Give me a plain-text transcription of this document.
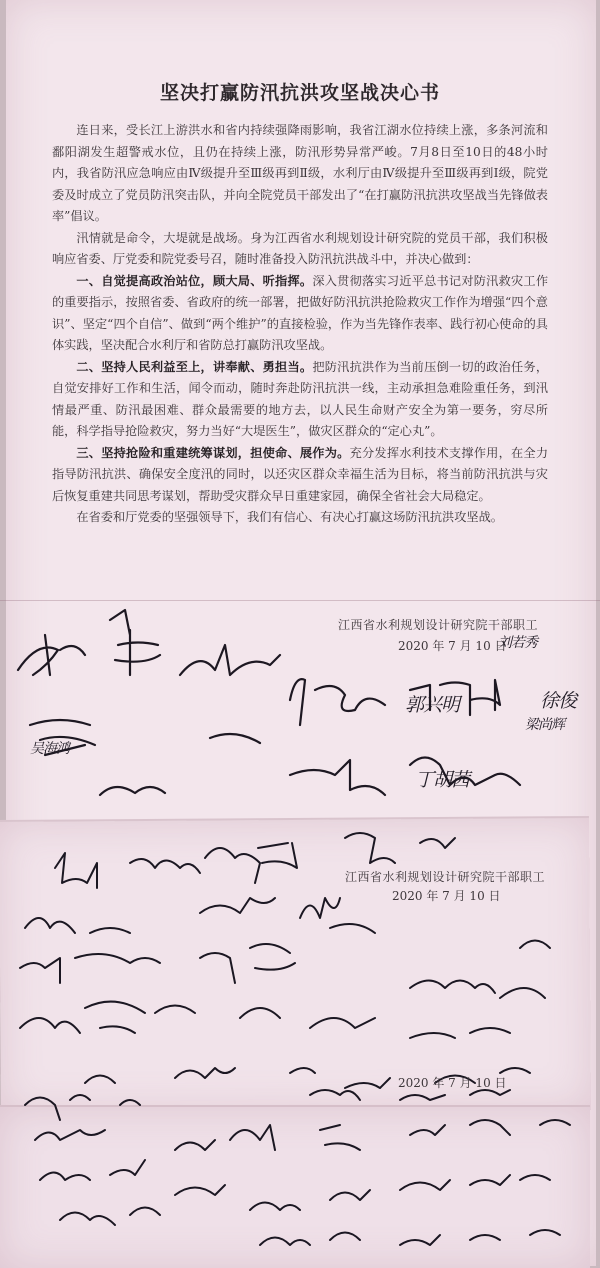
坚决打赢防汛抗洪攻坚战决心书

连日来，受长江上游洪水和省内持续强降雨影响，我省江湖水位持续上涨，多条河流和鄱阳湖发生超警戒水位，且仍在持续上涨，防汛形势异常严峻。7月8日至10日的48小时内，我省防汛应急响应由Ⅳ级提升至Ⅲ级再到Ⅱ级，水利厅由Ⅳ级提升至Ⅲ级再到Ⅰ级，院党委及时成立了党员防汛突击队，并向全院党员干部发出了“在打赢防汛抗洪攻坚战当先锋做表率”倡议。

汛情就是命令，大堤就是战场。身为江西省水利规划设计研究院的党员干部，我们积极响应省委、厅党委和院党委号召，随时准备投入防汛抗洪战斗中，并决心做到：

一、自觉提高政治站位，顾大局、听指挥。深入贯彻落实习近平总书记对防汛救灾工作的重要指示，按照省委、省政府的统一部署，把做好防汛抗洪抢险救灾工作作为增强“四个意识”、坚定“四个自信”、做到“两个维护”的直接检验，作为当先锋作表率、践行初心使命的具体实践，坚决配合水利厅和省防总打赢防汛攻坚战。

二、坚持人民利益至上，讲奉献、勇担当。把防汛抗洪作为当前压倒一切的政治任务，自觉安排好工作和生活，闻令而动，随时奔赴防汛抗洪一线，主动承担急难险重任务，到汛情最严重、防汛最困难、群众最需要的地方去，以人民生命财产安全为第一要务，穷尽所能，科学指导抢险救灾，努力当好“大堤医生”，做灾区群众的“定心丸”。

三、坚持抢险和重建统筹谋划，担使命、展作为。充分发挥水利技术支撑作用，在全力指导防汛抗洪、确保安全度汛的同时，以还灾区群众幸福生活为目标，将当前防汛抗洪与灾后恢复重建共同思考谋划，帮助受灾群众早日重建家园，确保全省社会大局稳定。

在省委和厅党委的坚强领导下，我们有信心、有决心打赢这场防汛抗洪攻坚战。

江西省水利规划设计研究院干部职工
2020 年 7 月 10 日
刘若秀
徐俊
郭兴明
梁尚辉
吴海鸿
丁胡茜
江西省水利规划设计研究院干部职工
2020 年 7 月 10 日
2020 年 7 月 10 日
